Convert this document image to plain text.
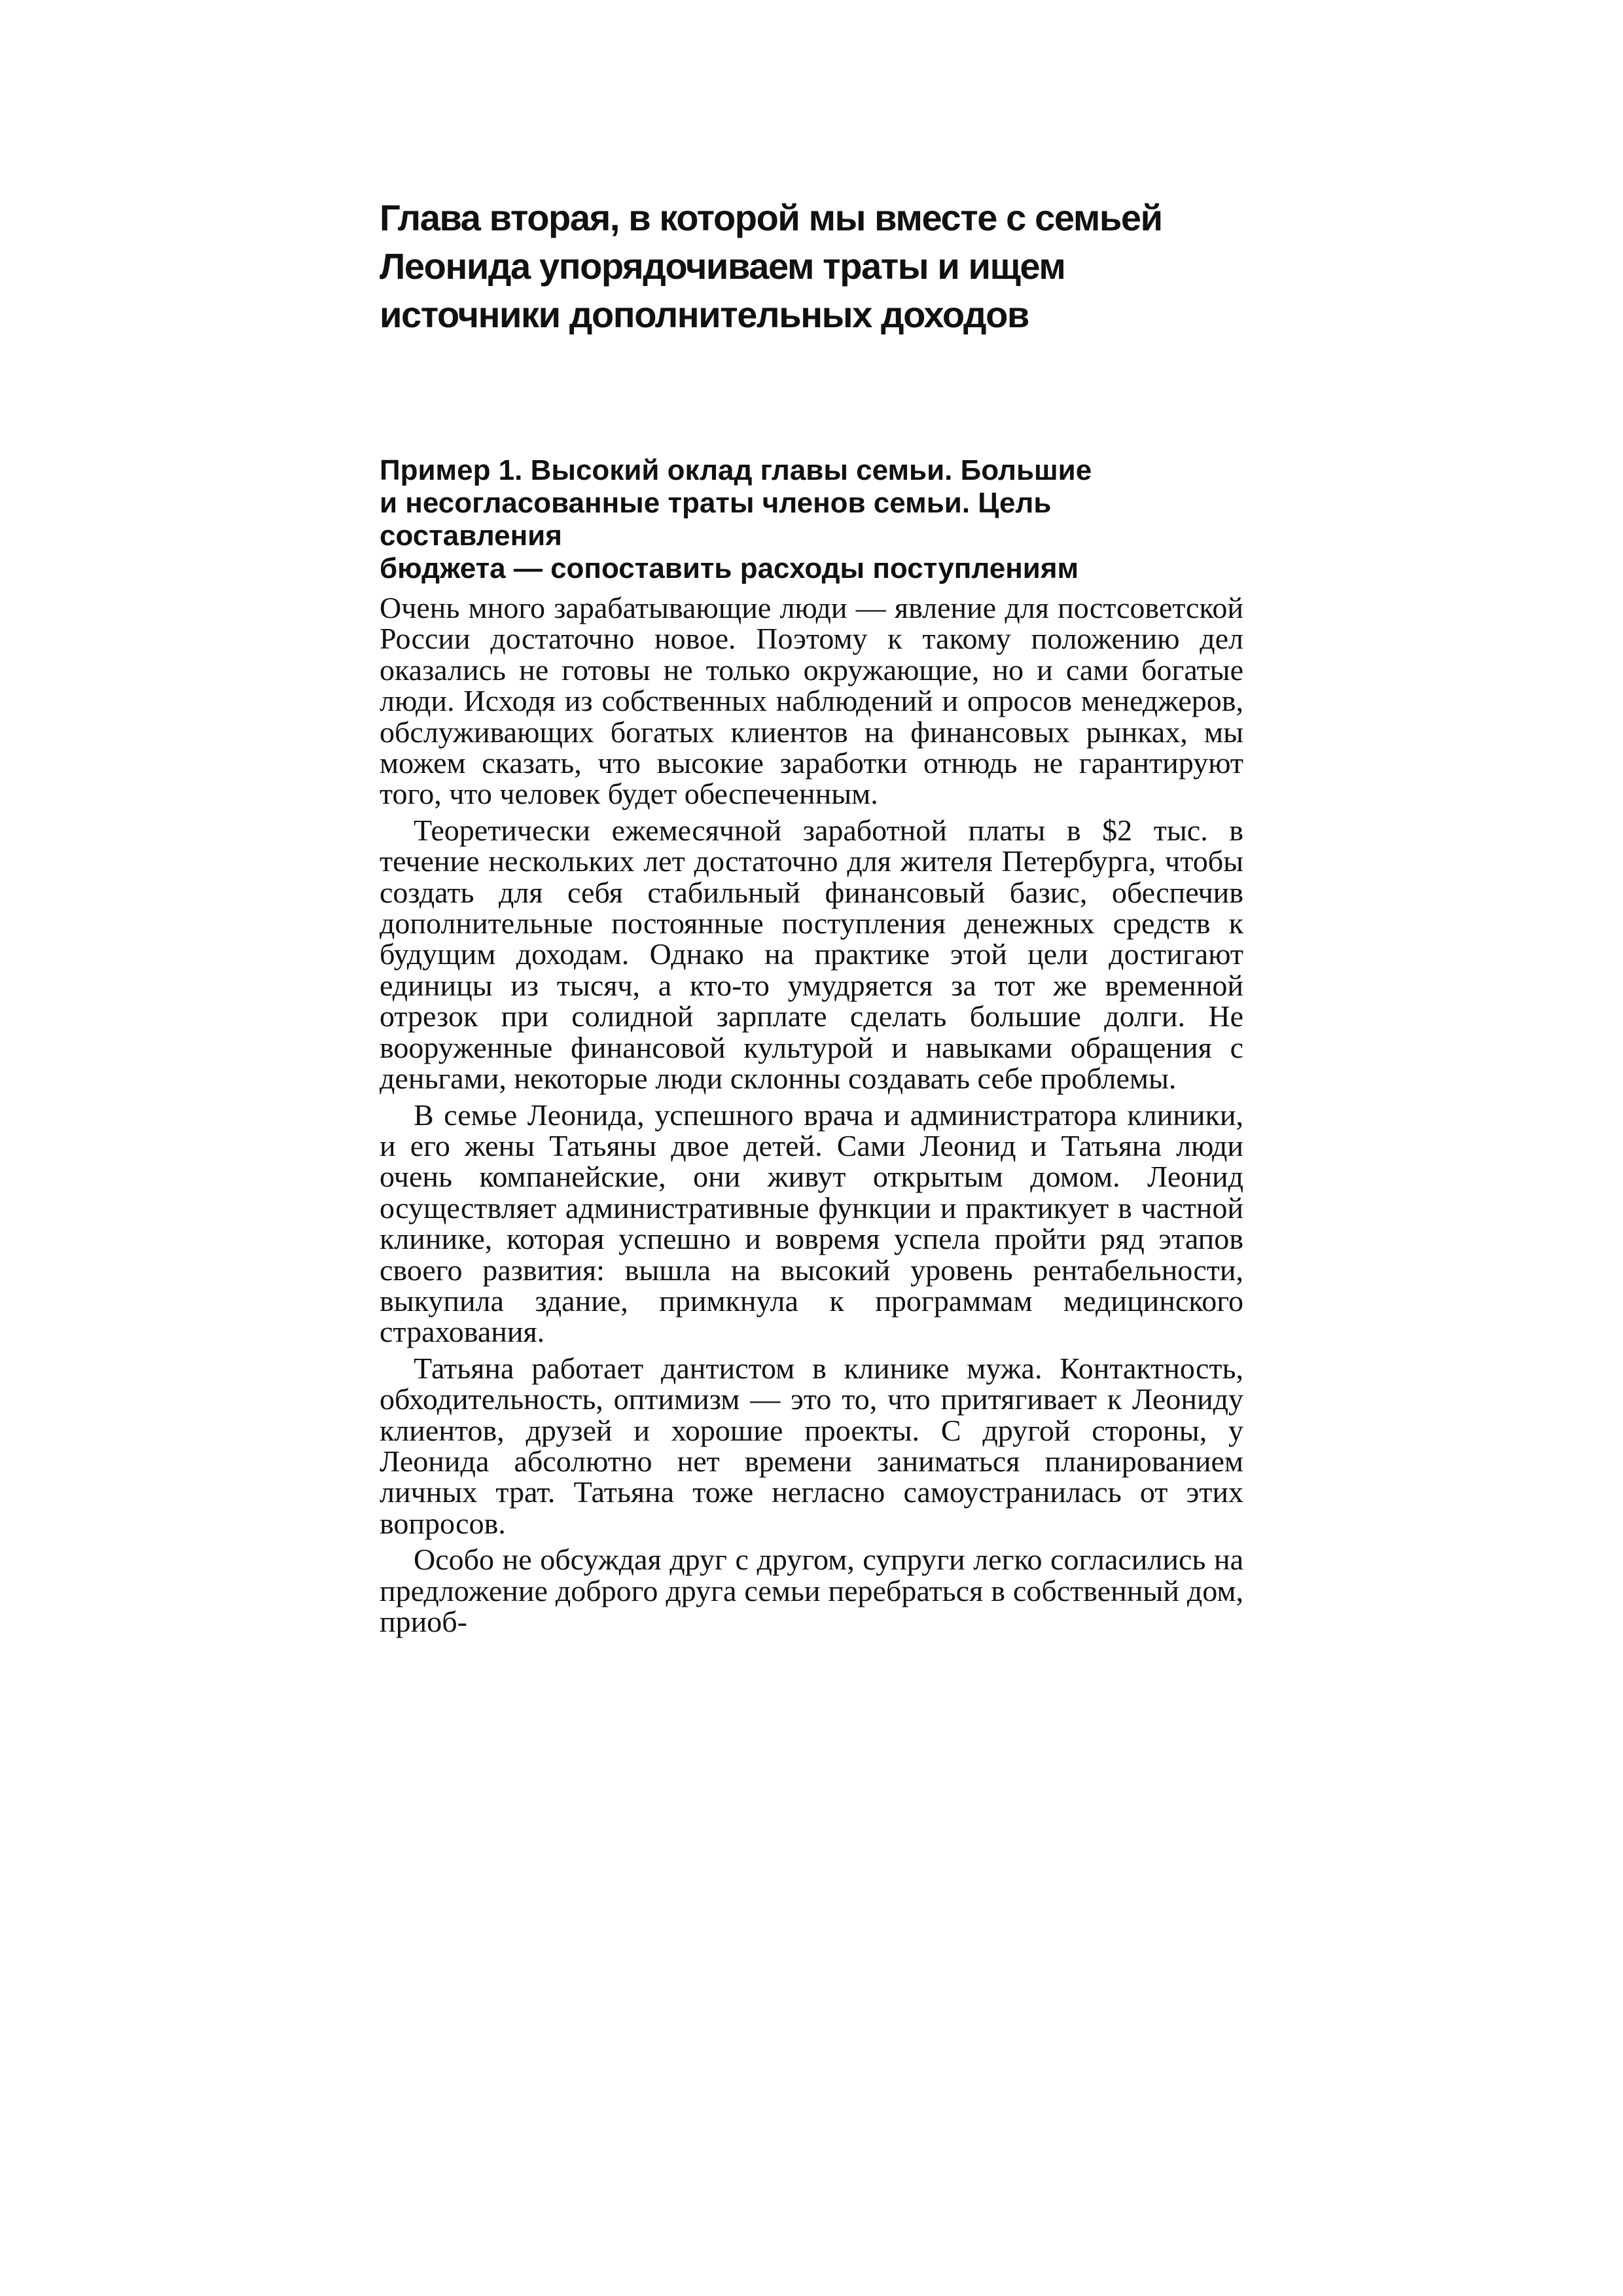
Глава вторая, в которой мы вместе с семьей
Леонида упорядочиваем траты и ищем
источники дополнительных доходов
Пример 1. Высокий оклад главы семьи. Большие
и несогласованные траты членов семьи. Цель
составления
бюджета — сопоставить расходы поступлениям

Очень много зарабатывающие люди — явление для постсоветской России достаточно новое. Поэтому к такому положению дел оказались не готовы не только окружающие, но и сами богатые люди. Исходя из собственных наблюдений и опросов менеджеров, обслуживающих богатых клиентов на финансовых рынках, мы можем сказать, что высокие заработки отнюдь не гарантируют того, что человек будет обеспеченным.

Теоретически ежемесячной заработной платы в $2 тыс. в течение нескольких лет достаточно для жителя Петербурга, чтобы создать для себя стабильный финансовый базис, обеспечив дополнительные постоянные поступления денежных средств к будущим доходам. Однако на практике этой цели достигают единицы из тысяч, а кто-то умудряется за тот же временной отрезок при солидной зарплате сделать большие долги. Не вооруженные финансовой культурой и навыками обращения с деньгами, некоторые люди склонны создавать себе проблемы.

В семье Леонида, успешного врача и администратора клиники, и его жены Татьяны двое детей. Сами Леонид и Татьяна люди очень компанейские, они живут открытым домом. Леонид осуществляет административные функции и практикует в частной клинике, которая успешно и вовремя успела пройти ряд этапов своего развития: вышла на высокий уровень рентабельности, выкупила здание, примкнула к программам медицинского страхования.

Татьяна работает дантистом в клинике мужа. Контактность, обходительность, оптимизм — это то, что притягивает к Леониду клиентов, друзей и хорошие проекты. С другой стороны, у Леонида абсолютно нет времени заниматься планированием личных трат. Татьяна тоже негласно самоустранилась от этих вопросов.

Особо не обсуждая друг с другом, супруги легко согласились на предложение доброго друга семьи перебраться в собственный дом, приоб-
